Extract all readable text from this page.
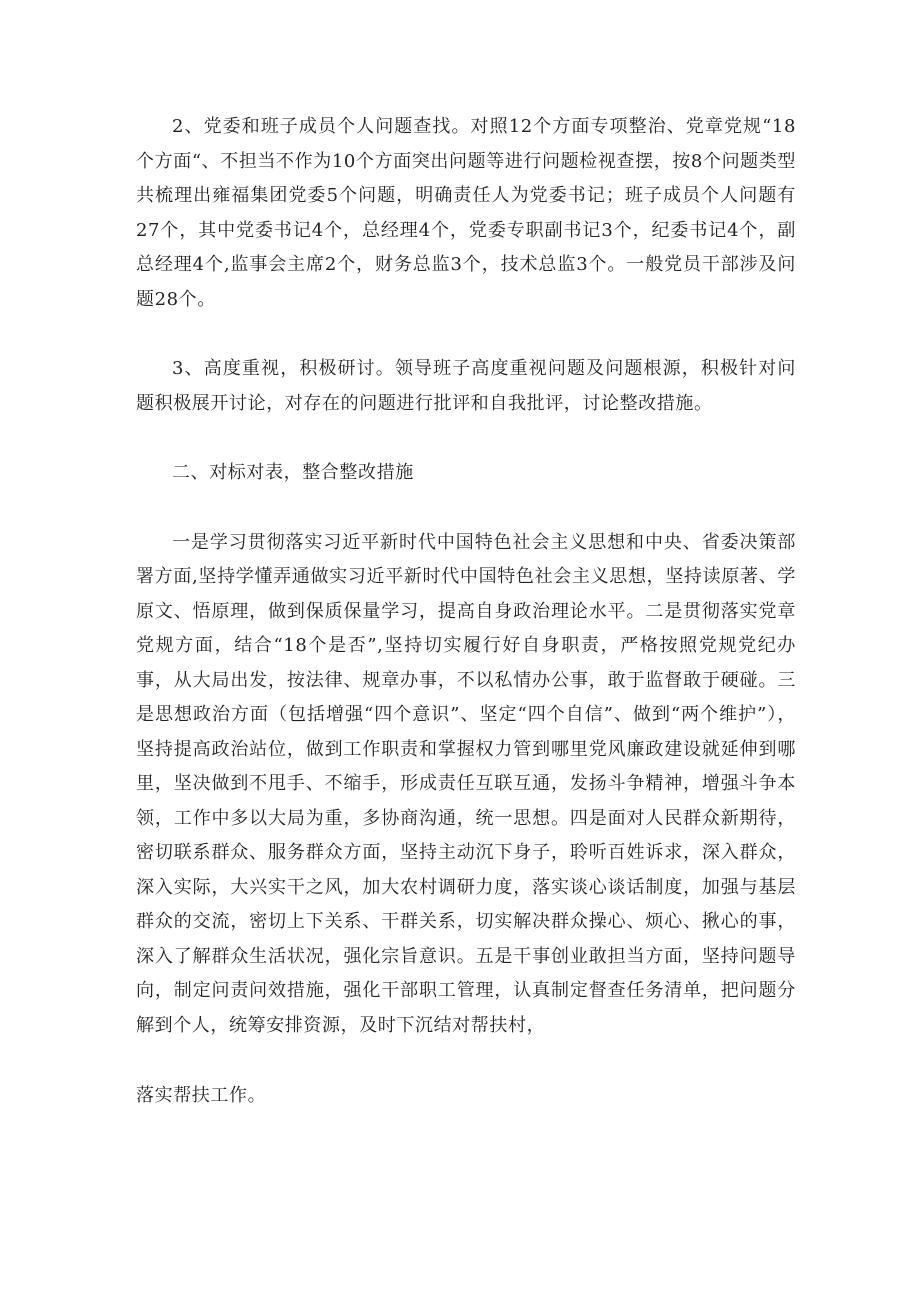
2、党委和班子成员个人问题查找。对照12个方面专项整治、党章党规“18个方面“、不担当不作为10个方面突出问题等进行问题检视查摆，按8个问题类型共梳理出雍福集团党委5个问题，明确责任人为党委书记；班子成员个人问题有27个，其中党委书记4个，总经理4个，党委专职副书记3个，纪委书记4个，副总经理4个,监事会主席2个，财务总监3个，技术总监3个。一般党员干部涉及问题28个。

3、高度重视，积极研讨。领导班子高度重视问题及问题根源，积极针对问题积极展开讨论，对存在的问题进行批评和自我批评，讨论整改措施。

二、对标对表，整合整改措施

一是学习贯彻落实习近平新时代中国特色社会主义思想和中央、省委决策部署方面,坚持学懂弄通做实习近平新时代中国特色社会主义思想，坚持读原著、学原文、悟原理，做到保质保量学习，提高自身政治理论水平。二是贯彻落实党章党规方面，结合“18个是否”,坚持切实履行好自身职责，严格按照党规党纪办事，从大局出发，按法律、规章办事，不以私情办公事，敢于监督敢于硬碰。三是思想政治方面（包括增强“四个意识”、坚定“四个自信”、做到“两个维护”），坚持提高政治站位，做到工作职责和掌握权力管到哪里党风廉政建设就延伸到哪里，坚决做到不甩手、不缩手，形成责任互联互通，发扬斗争精神，增强斗争本领，工作中多以大局为重，多协商沟通，统一思想。四是面对人民群众新期待，密切联系群众、服务群众方面，坚持主动沉下身子，聆听百姓诉求，深入群众，深入实际，大兴实干之风，加大农村调研力度，落实谈心谈话制度，加强与基层群众的交流，密切上下关系、干群关系，切实解决群众操心、烦心、揪心的事，深入了解群众生活状况，强化宗旨意识。五是干事创业敢担当方面，坚持问题导向，制定问责问效措施，强化干部职工管理，认真制定督查任务清单，把问题分解到个人，统筹安排资源，及时下沉结对帮扶村，

落实帮扶工作。
